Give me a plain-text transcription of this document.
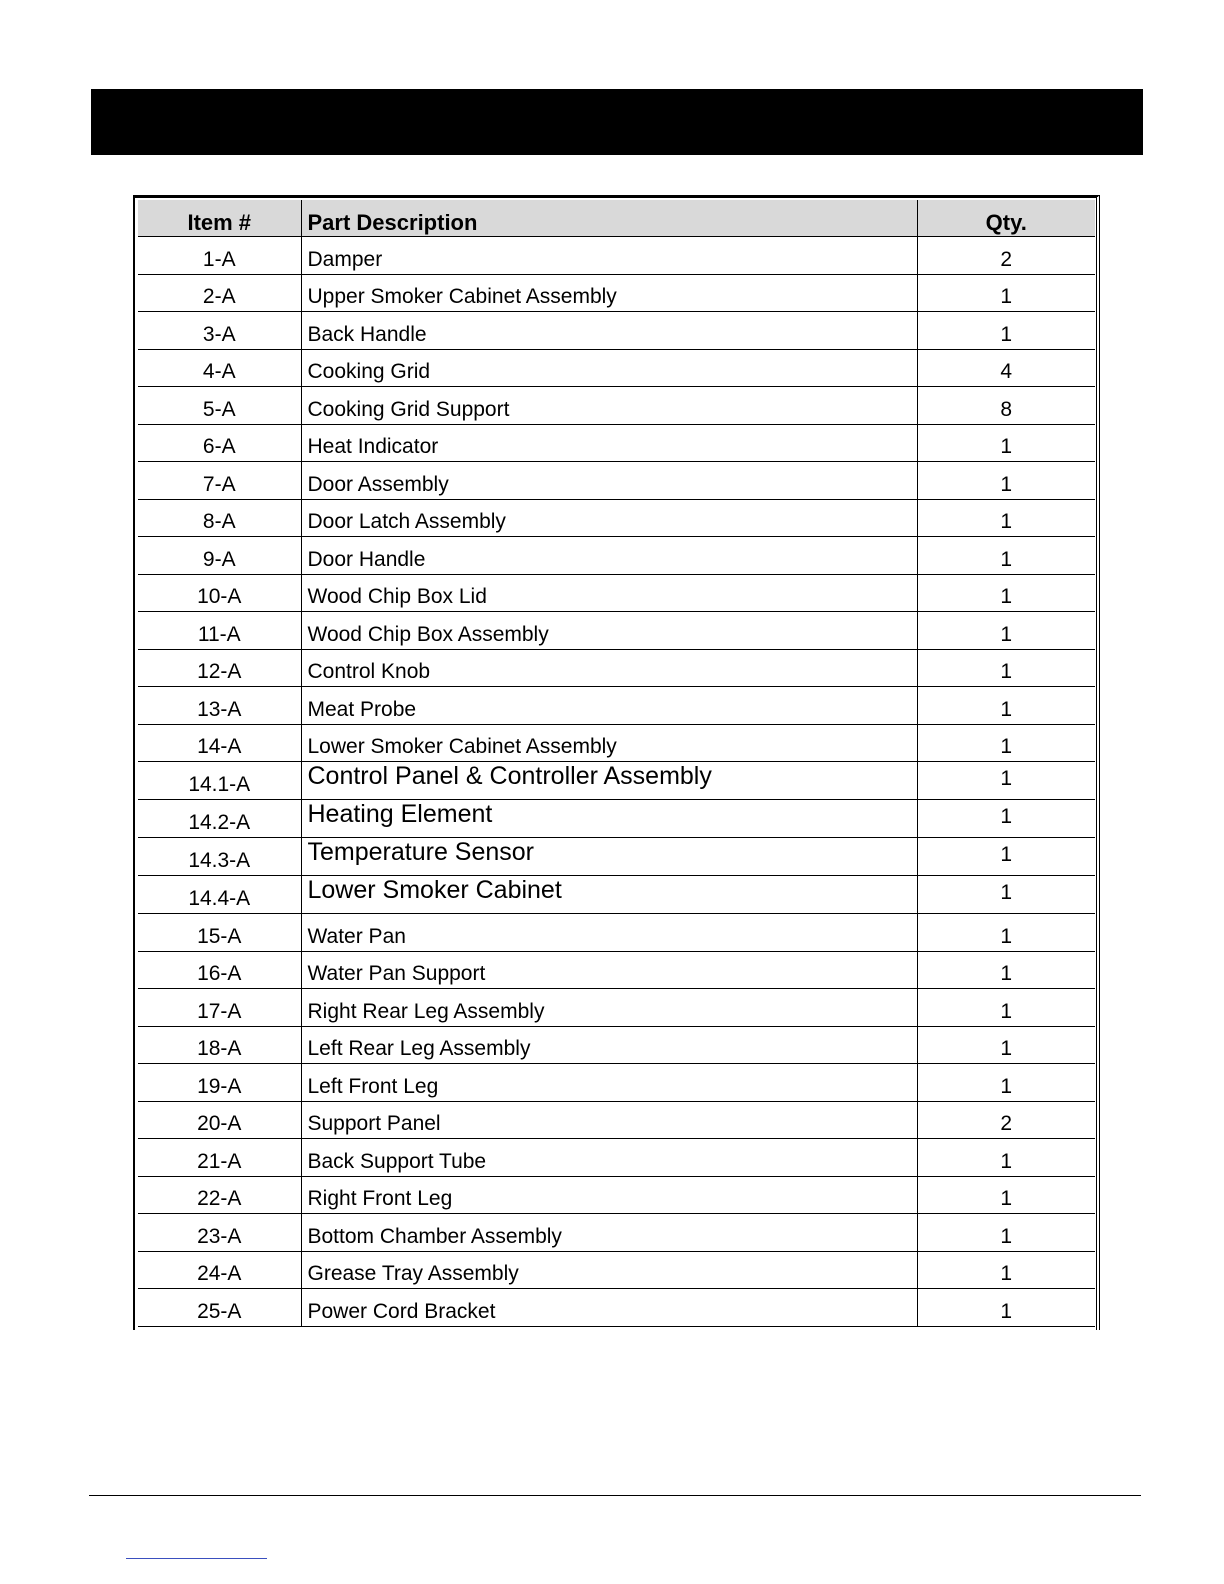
Item #	Part Description	Qty.
1-A	Damper	2
2-A	Upper Smoker Cabinet Assembly	1
3-A	Back Handle	1
4-A	Cooking Grid	4
5-A	Cooking Grid Support	8
6-A	Heat Indicator	1
7-A	Door Assembly	1
8-A	Door Latch Assembly	1
9-A	Door Handle	1
10-A	Wood Chip Box Lid	1
11-A	Wood Chip Box Assembly	1
12-A	Control Knob	1
13-A	Meat Probe	1
14-A	Lower Smoker Cabinet Assembly	1
14.1-A	Control Panel & Controller Assembly	1
14.2-A	Heating Element	1
14.3-A	Temperature Sensor	1
14.4-A	Lower Smoker Cabinet	1
15-A	Water Pan	1
16-A	Water Pan Support	1
17-A	Right Rear Leg Assembly	1
18-A	Left Rear Leg Assembly	1
19-A	Left Front Leg	1
20-A	Support Panel	2
21-A	Back Support Tube	1
22-A	Right Front Leg	1
23-A	Bottom Chamber Assembly	1
24-A	Grease Tray Assembly	1
25-A	Power Cord Bracket	1
